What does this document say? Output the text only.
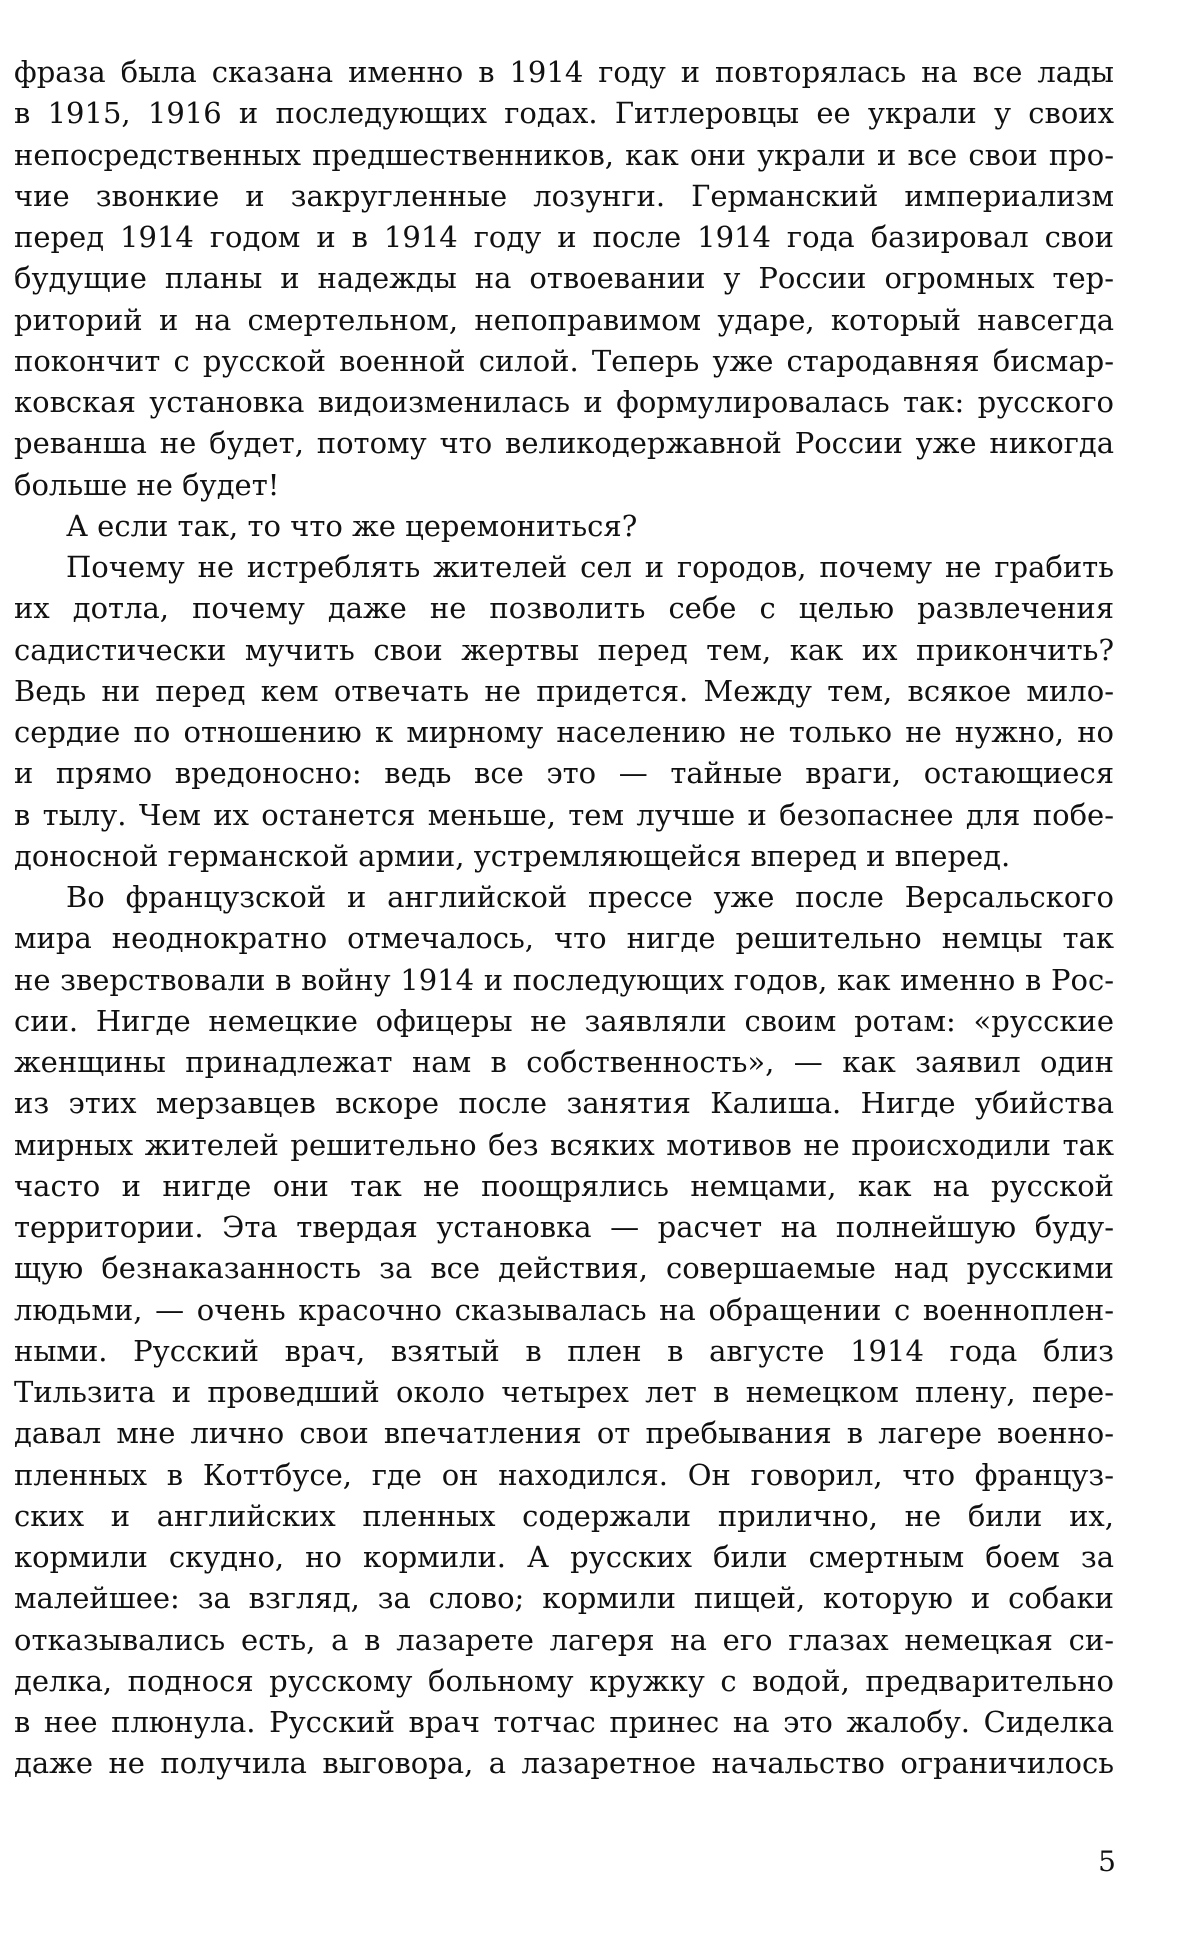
фраза была сказана именно в 1914 году и повторялась на все лады
в 1915, 1916 и последующих годах. Гитлеровцы ее украли у своих
непосредственных предшественников, как они украли и все свои про-
чие звонкие и закругленные лозунги. Германский империализм
перед 1914 годом и в 1914 году и после 1914 года базировал свои
будущие планы и надежды на отвоевании у России огромных тер-
риторий и на смертельном, непоправимом ударе, который навсегда
покончит с русской военной силой. Теперь уже стародавняя бисмар-
ковская установка видоизменилась и формулировалась так: русского
реванша не будет, потому что великодержавной России уже никогда
больше не будет!
А если так, то что же церемониться?
Почему не истреблять жителей сел и городов, почему не грабить
их дотла, почему даже не позволить себе с целью развлечения
садистически мучить свои жертвы перед тем, как их прикончить?
Ведь ни перед кем отвечать не придется. Между тем, всякое мило-
сердие по отношению к мирному населению не только не нужно, но
и прямо вредоносно: ведь все это — тайные враги, остающиеся
в тылу. Чем их останется меньше, тем лучше и безопаснее для побе-
доносной германской армии, устремляющейся вперед и вперед.
Во французской и английской прессе уже после Версальского
мира неоднократно отмечалось, что нигде решительно немцы так
не зверствовали в войну 1914 и последующих годов, как именно в Рос-
сии. Нигде немецкие офицеры не заявляли своим ротам: «русские
женщины принадлежат нам в собственность», — как заявил один
из этих мерзавцев вскоре после занятия Калиша. Нигде убийства
мирных жителей решительно без всяких мотивов не происходили так
часто и нигде они так не поощрялись немцами, как на русской
территории. Эта твердая установка — расчет на полнейшую буду-
щую безнаказанность за все действия, совершаемые над русскими
людьми, — очень красочно сказывалась на обращении с военноплен-
ными. Русский врач, взятый в плен в августе 1914 года близ
Тильзита и проведший около четырех лет в немецком плену, пере-
давал мне лично свои впечатления от пребывания в лагере военно-
пленных в Коттбусе, где он находился. Он говорил, что француз-
ских и английских пленных содержали прилично, не били их,
кормили скудно, но кормили. А русских били смертным боем за
малейшее: за взгляд, за слово; кормили пищей, которую и собаки
отказывались есть, а в лазарете лагеря на его глазах немецкая си-
делка, поднося русскому больному кружку с водой, предварительно
в нее плюнула. Русский врач тотчас принес на это жалобу. Сиделка
даже не получила выговора, а лазаретное начальство ограничилось
5
